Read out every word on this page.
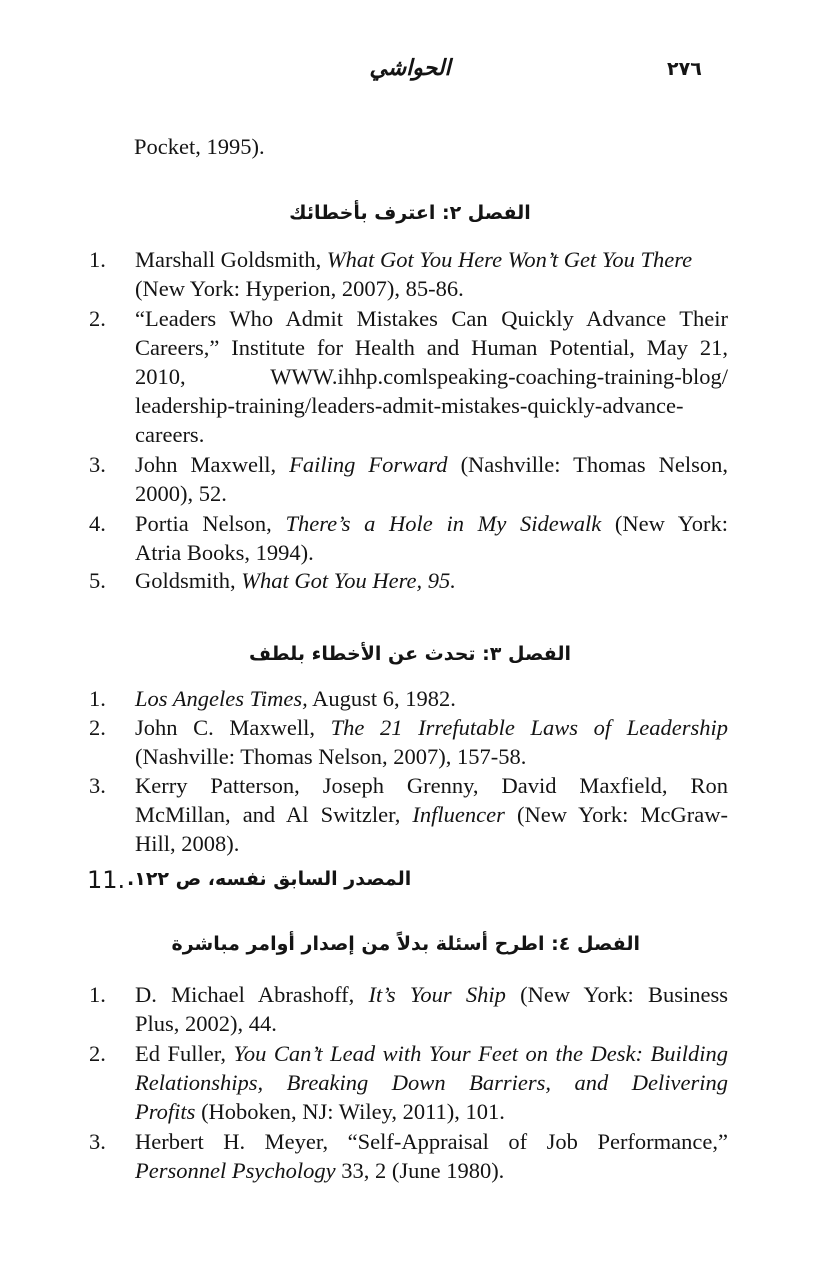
الحواشي	٢٧٦
Pocket, 1995).
الفصل ٢: اعترف بأخطائك
1. Marshall Goldsmith, What Got You Here Won’t Get You There
(New York: Hyperion, 2007), 85-86.
2. “Leaders Who Admit Mistakes Can Quickly Advance Their
Careers,” Institute for Health and Human Potential, May 21,
2010, WWW.ihhp.comlspeaking-coaching-training-blog/
leadership-training/leaders-admit-mistakes-quickly-advance-
careers.
3. John Maxwell, Failing Forward (Nashville: Thomas Nelson,
2000), 52.
4. Portia Nelson, There’s a Hole in My Sidewalk (New York:
Atria Books, 1994).
5. Goldsmith, What Got You Here, 95.
الفصل ٣: تحدث عن الأخطاء بلطف
1. Los Angeles Times, August 6, 1982.
2. John C. Maxwell, The 21 Irrefutable Laws of Leadership
(Nashville: Thomas Nelson, 2007), 157-58.
3. Kerry Patterson, Joseph Grenny, David Maxfield, Ron
McMillan, and Al Switzler, Influencer (New York: McGraw-
Hill, 2008).
الفصل ٤: اطرح أسئلة بدلاً من إصدار أوامر مباشرة
1. D. Michael Abrashoff, It’s Your Ship (New York: Business
Plus, 2002), 44.
2. Ed Fuller, You Can’t Lead with Your Feet on the Desk: Building
Relationships, Breaking Down Barriers, and Delivering
Profits (Hoboken, NJ: Wiley, 2011), 101.
3. Herbert H. Meyer, “Self-Appraisal of Job Performance,”
Personnel Psychology 33, 2 (June 1980).
11. المصدر السابق نفسه، ص ١٢٢.
